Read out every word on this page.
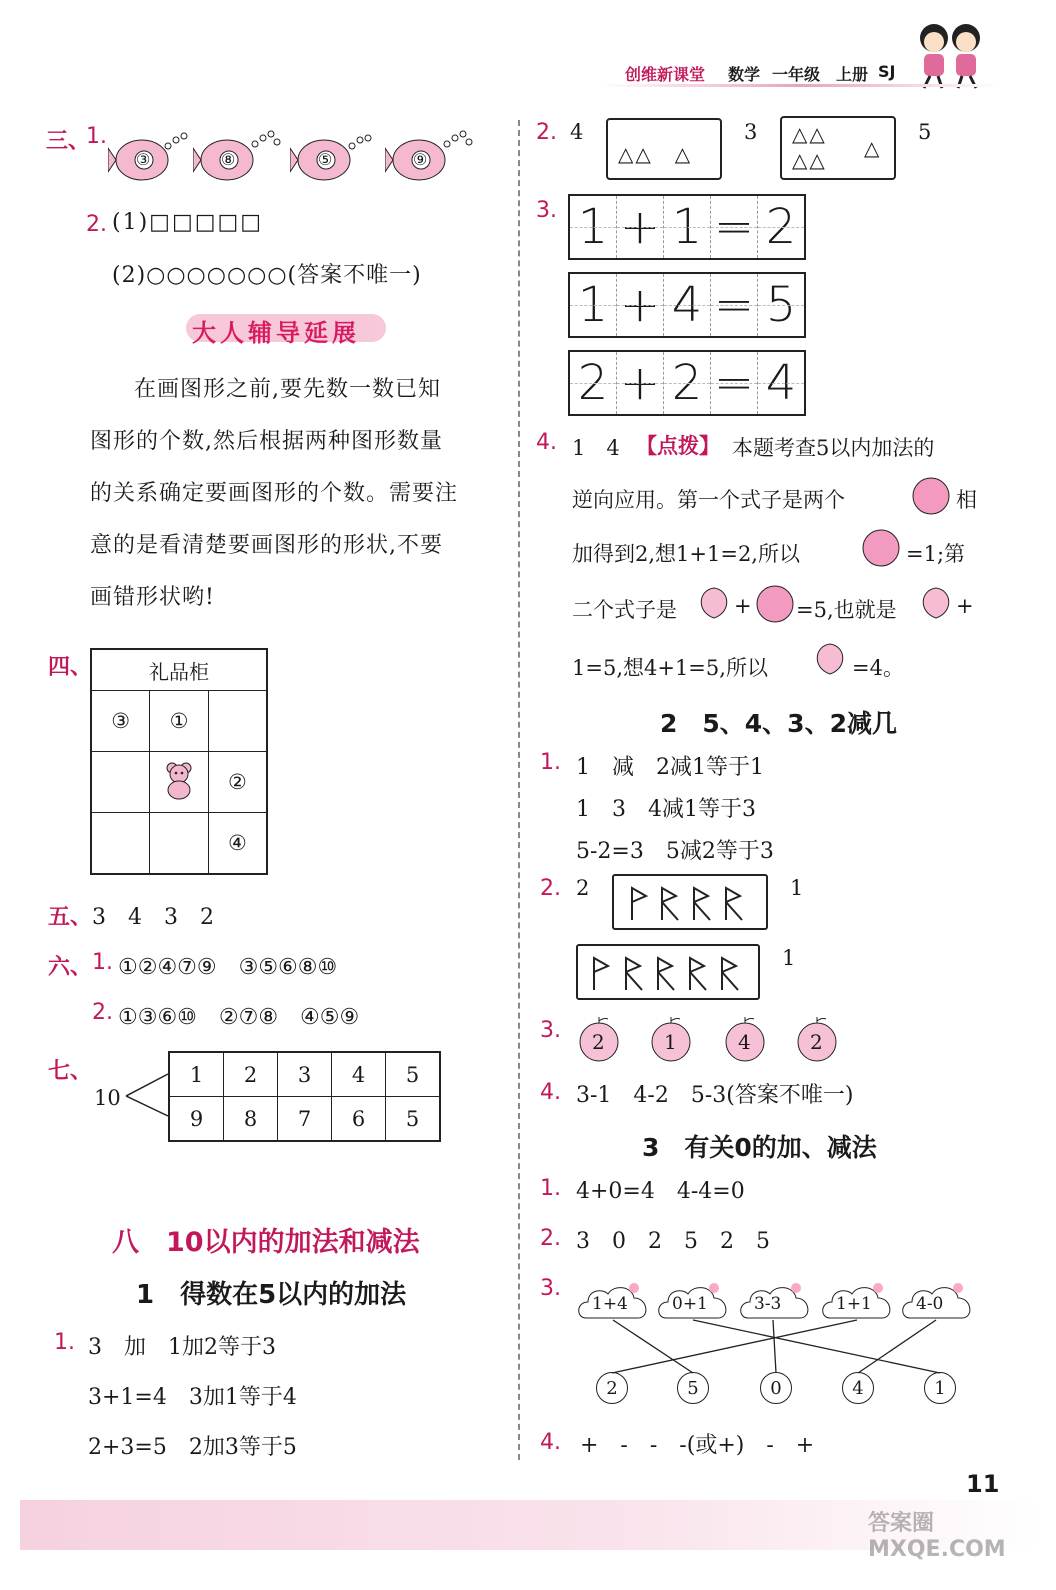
创维新课堂 数学 一年级 上册 SJ
三、
1.
③	⑧	⑤	⑨
2. (1)□□□□□
(2)○○○○○○○(答案不唯一)
大人辅导延展
在画图形之前,要先数一数已知
图形的个数,然后根据两种图形数量
的关系确定要画图形的个数。需要注
意的是看清楚要画图形的形状,不要
画错形状哟!
四、	礼品柜		
③	①	
		②
		④
五、 3　4　3　2
六、 1. ①②④⑦⑨　③⑤⑥⑧⑩
2. ①③⑥⑩　②⑦⑧　④⑤⑨
七、
10
1	2	3	4	5
9	8	7	6	5
八　10以内的加法和减法
1　得数在5以内的加法
1. 3　加　1加2等于3
3+1=4　3加1等于4
2+3=5　2加3等于5
2. 4
△△　△
3 △△
△△ △
5
3. 1 + 1 = 2
1 + 4 = 5
2 + 2 = 4
4. 1　4 【点拨】 本题考查5以内加法的
逆向应用。第一个式子是两个	相
加得到2,想1+1=2,所以	=1;第
二个式子是	+ =5,也就是	+
1=5,想4+1=5,所以	=4。
2　5、4、3、2减几
1. 1　减　2减1等于1
1　3　4减1等于3
5-2=3　5减2等于3
2. 2	1
1
3. 2	1	4	2
4. 3-1　4-2　5-3(答案不唯一)
3　有关0的加、减法
1. 4+0=4　4-4=0
2. 3　0　2　5　2　5
3.
1+4	0+1	3-3	1+1	4-0
2	5	0	4	1
4. +　-　-　-(或+)　-　+
11
答案圈 MXQE.COM
